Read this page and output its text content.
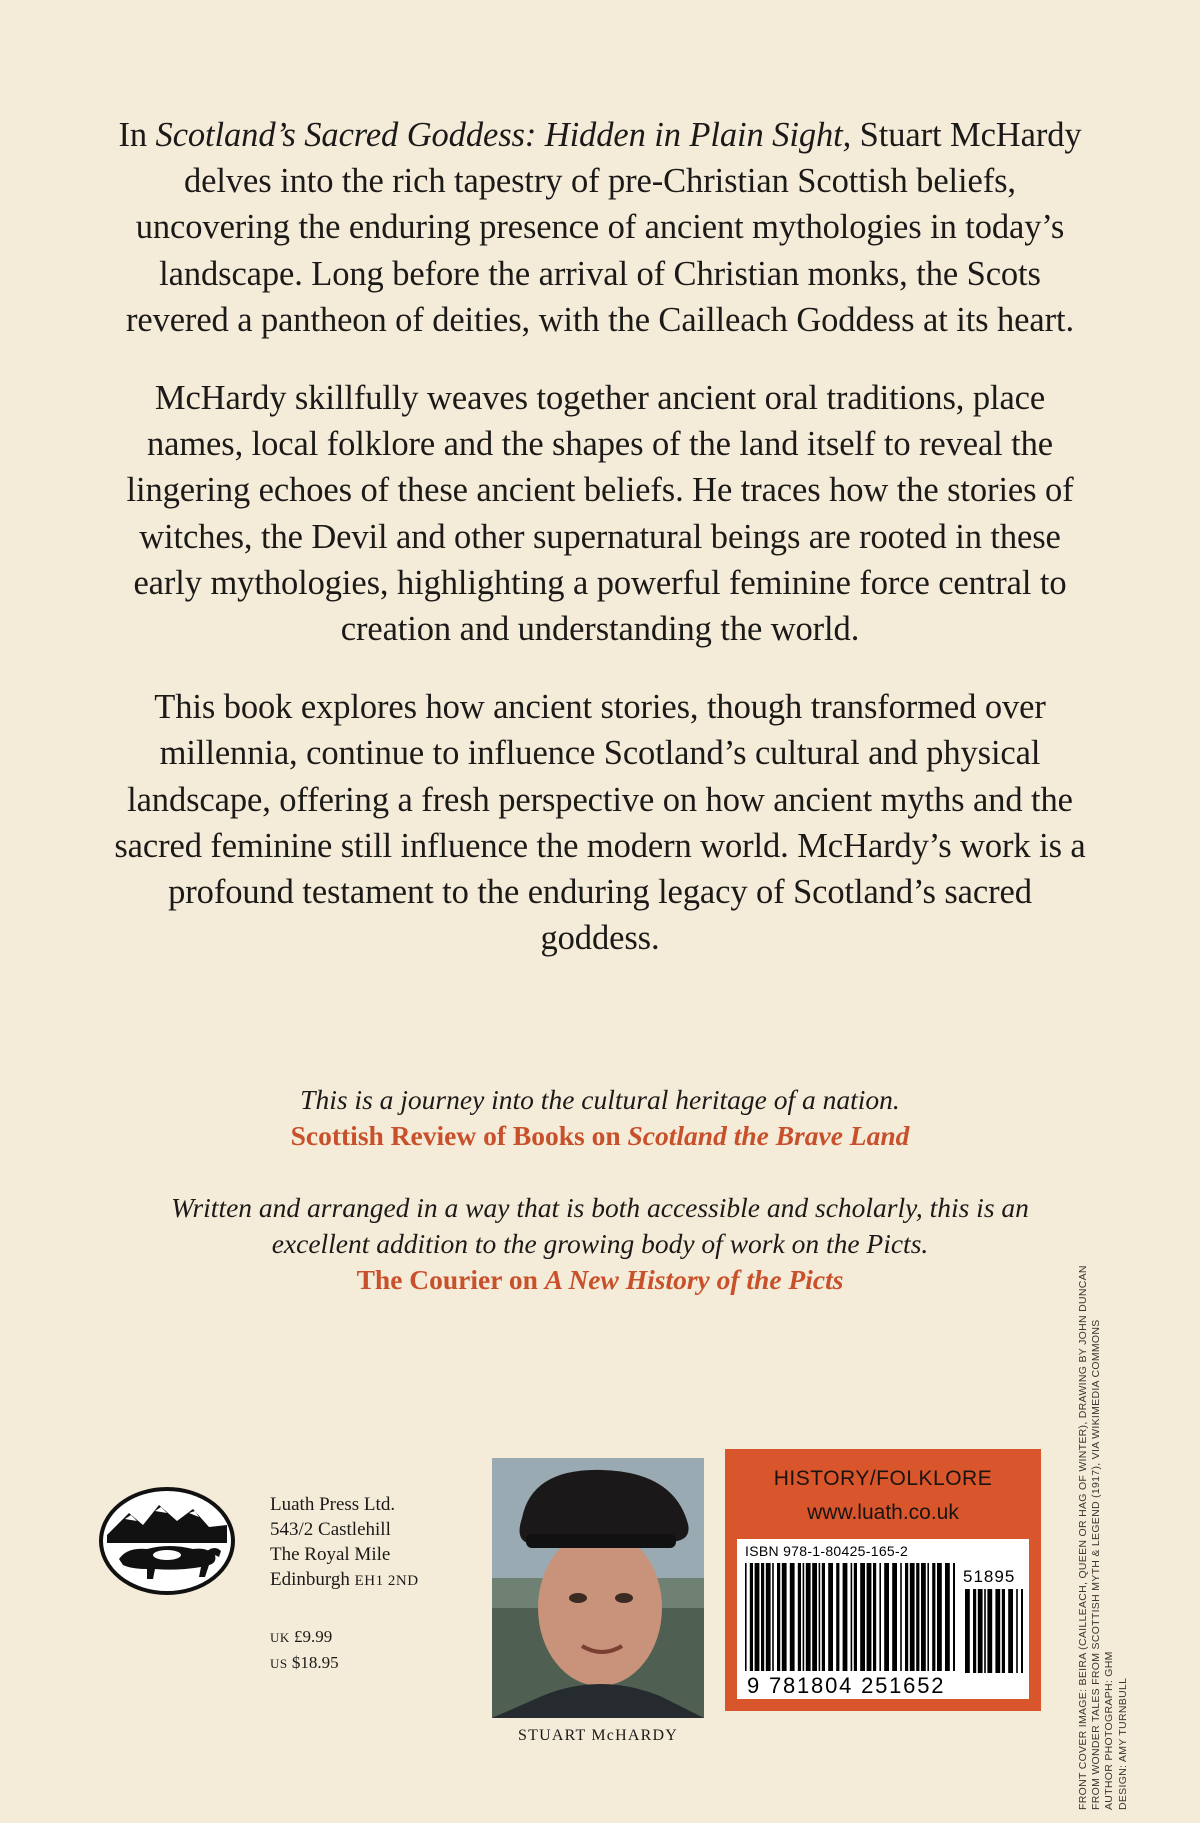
In Scotland’s Sacred Goddess: Hidden in Plain Sight, Stuart McHardy delves into the rich tapestry of pre-Christian Scottish beliefs, uncovering the enduring presence of ancient mythologies in today’s landscape. Long before the arrival of Christian monks, the Scots revered a pantheon of deities, with the Cailleach Goddess at its heart.

McHardy skillfully weaves together ancient oral traditions, place names, local folklore and the shapes of the land itself to reveal the lingering echoes of these ancient beliefs. He traces how the stories of witches, the Devil and other supernatural beings are rooted in these early mythologies, highlighting a powerful feminine force central to creation and understanding the world.

This book explores how ancient stories, though transformed over millennia, continue to influence Scotland’s cultural and physical landscape, offering a fresh perspective on how ancient myths and the sacred feminine still influence the modern world. McHardy’s work is a profound testament to the enduring legacy of Scotland’s sacred goddess.

This is a journey into the cultural heritage of a nation.
Scottish Review of Books on Scotland the Brave Land
Written and arranged in a way that is both accessible and scholarly, this is an excellent addition to the growing body of work on the Picts.
The Courier on A New History of the Picts
Luath Press Ltd.
543/2 Castlehill
The Royal Mile
Edinburgh EH1 2ND
UK £9.99
US $18.95
STUART McHARDY
HISTORY/FOLKLORE
www.luath.co.uk
ISBN 978-1-80425-165-2
51895
9 781804 251652	FRONT COVER IMAGE: BEIRA (CAILLEACH, QUEEN OR HAG OF WINTER), DRAWING BY JOHN DUNCAN FROM WONDER TALES FROM SCOTTISH MYTH & LEGEND (1917), VIA WIKIMEDIA COMMONS AUTHOR PHOTOGRAPH: GHM DESIGN: AMY TURNBULL
